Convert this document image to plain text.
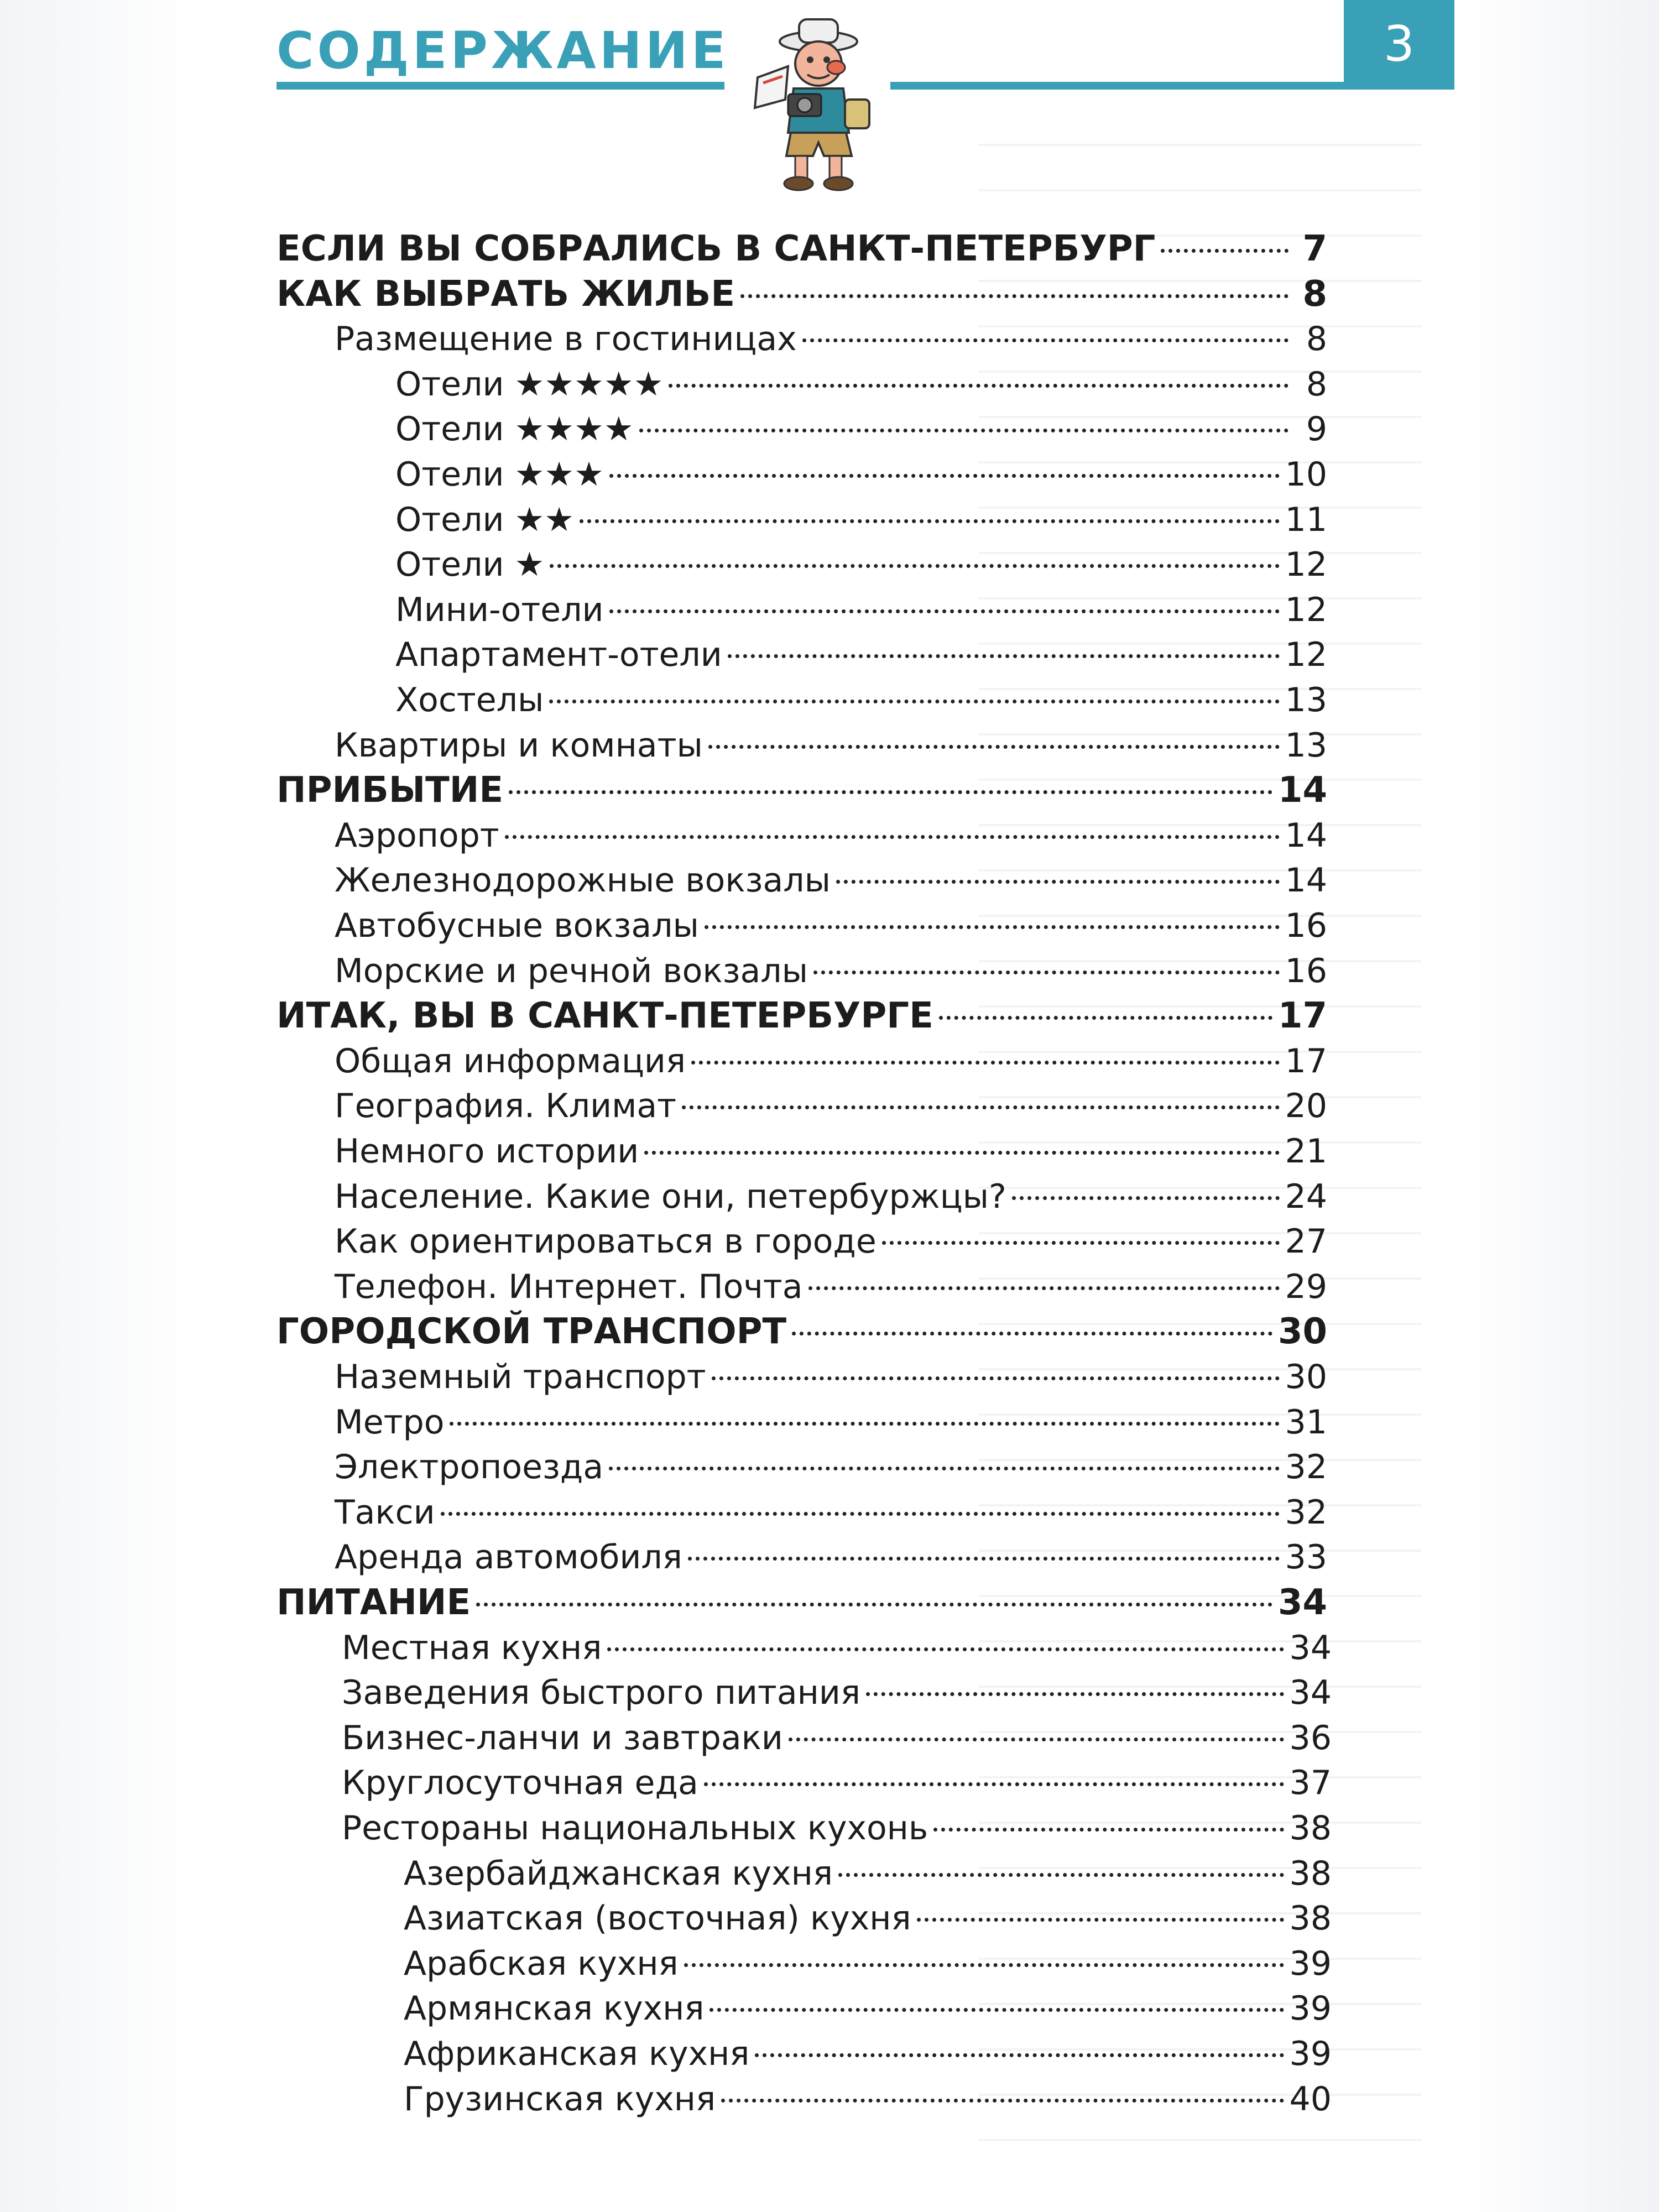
СОДЕРЖАНИЕ	3
ЕСЛИ ВЫ СОБРАЛИСЬ В САНКТ-ПЕТЕРБУРГ	7
КАК ВЫБРАТЬ ЖИЛЬЕ	8
Размещение в гостиницах	8
Отели ★★★★★	8
Отели ★★★★	9
Отели ★★★	10
Отели ★★	11
Отели ★	12
Мини-отели	12
Апартамент-отели	12
Хостелы	13
Квартиры и комнаты	13
ПРИБЫТИЕ	14
Аэропорт	14
Железнодорожные вокзалы	14
Автобусные вокзалы	16
Морские и речной вокзалы	16
ИТАК, ВЫ В САНКТ-ПЕТЕРБУРГЕ	17
Общая информация	17
География. Климат	20
Немного истории	21
Население. Какие они, петербуржцы?	24
Как ориентироваться в городе	27
Телефон. Интернет. Почта	29
ГОРОДСКОЙ ТРАНСПОРТ	30
Наземный транспорт	30
Метро	31
Электропоезда	32
Такси	32
Аренда автомобиля	33
ПИТАНИЕ	34
Местная кухня	34
Заведения быстрого питания	34
Бизнес-ланчи и завтраки	36
Круглосуточная еда	37
Рестораны национальных кухонь	38
Азербайджанская кухня	38
Азиатская (восточная) кухня	38
Арабская кухня	39
Армянская кухня	39
Африканская кухня	39
Грузинская кухня	40
